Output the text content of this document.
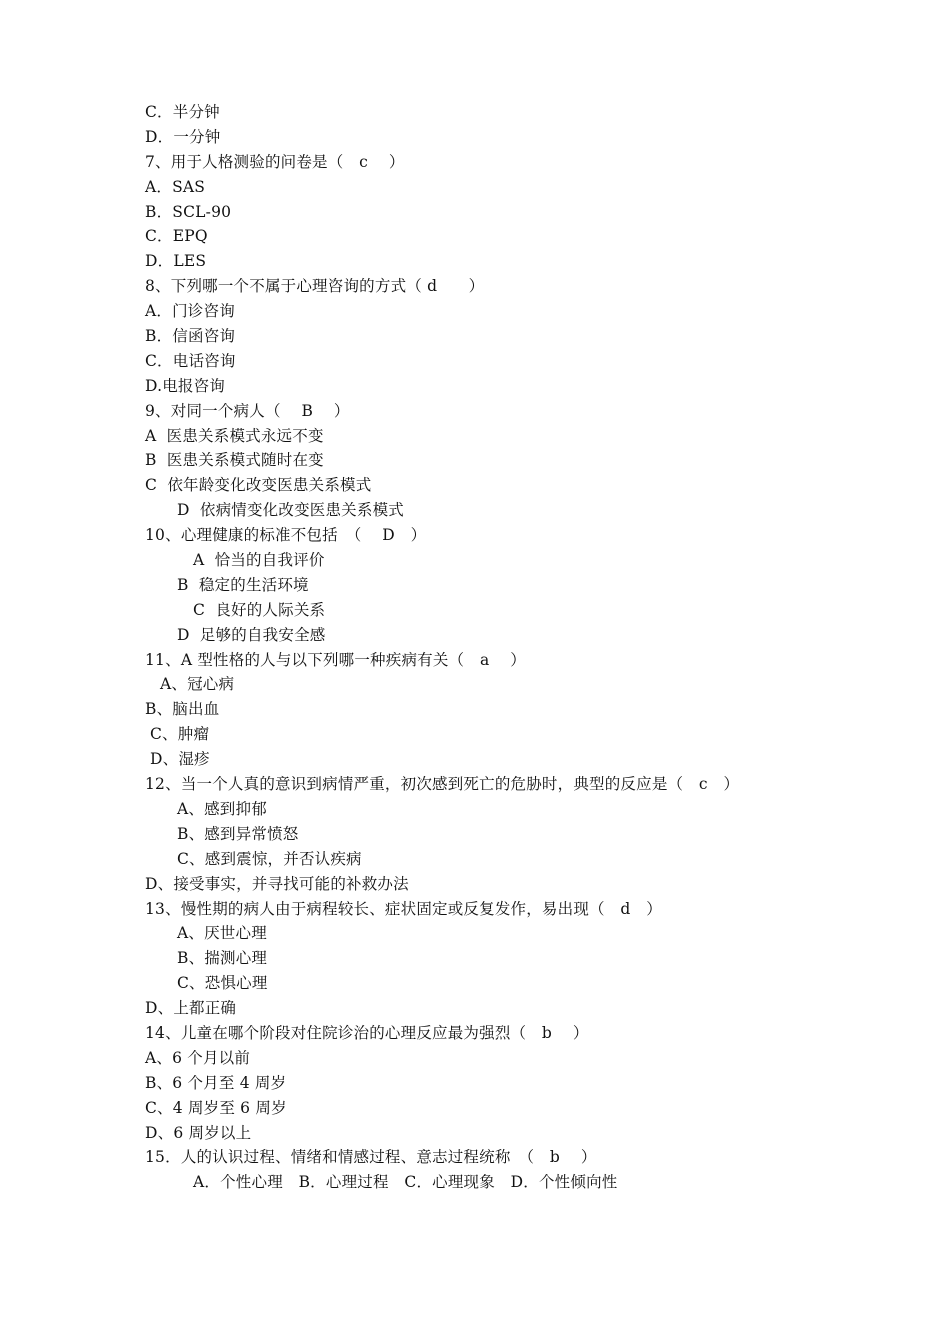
C．半分钟
D．一分钟
7、用于人格测验的问卷是（　c　 ）
A．SAS
B．SCL-90
C．EPQ
D．LES
8、下列哪一个不属于心理咨询的方式（ d　　）
A．门诊咨询
B．信函咨询
C．电话咨询
D.电报咨询
9、对同一个病人（　 B　 ）
A  医患关系模式永远不变
B  医患关系模式随时在变
C  依年龄变化改变医患关系模式
D  依病情变化改变医患关系模式
10、心理健康的标准不包括　（　 D　）
A  恰当的自我评价
B  稳定的生活环境
C  良好的人际关系
D  足够的自我安全感
11、A 型性格的人与以下列哪一种疾病有关（　a　 ）
A、冠心病
B、脑出血
C、肿瘤
D、湿疹
12、当一个人真的意识到病情严重，初次感到死亡的危胁时，典型的反应是（　c　）
A、感到抑郁
B、感到异常愤怒
C、感到震惊，并否认疾病
D、接受事实，并寻找可能的补救办法
13、慢性期的病人由于病程较长、症状固定或反复发作，易出现（　d　）
A、厌世心理
B、揣测心理
C、恐惧心理
D、上都正确
14、儿童在哪个阶段对住院诊治的心理反应最为强烈（　b　 ）
A、6 个月以前
B、6 个月至 4 周岁
C、4 周岁至 6 周岁
D、6 周岁以上
15．人的认识过程、情绪和情感过程、意志过程统称　（　b　 ）
A．个性心理　B．心理过程　C．心理现象　D．个性倾向性
